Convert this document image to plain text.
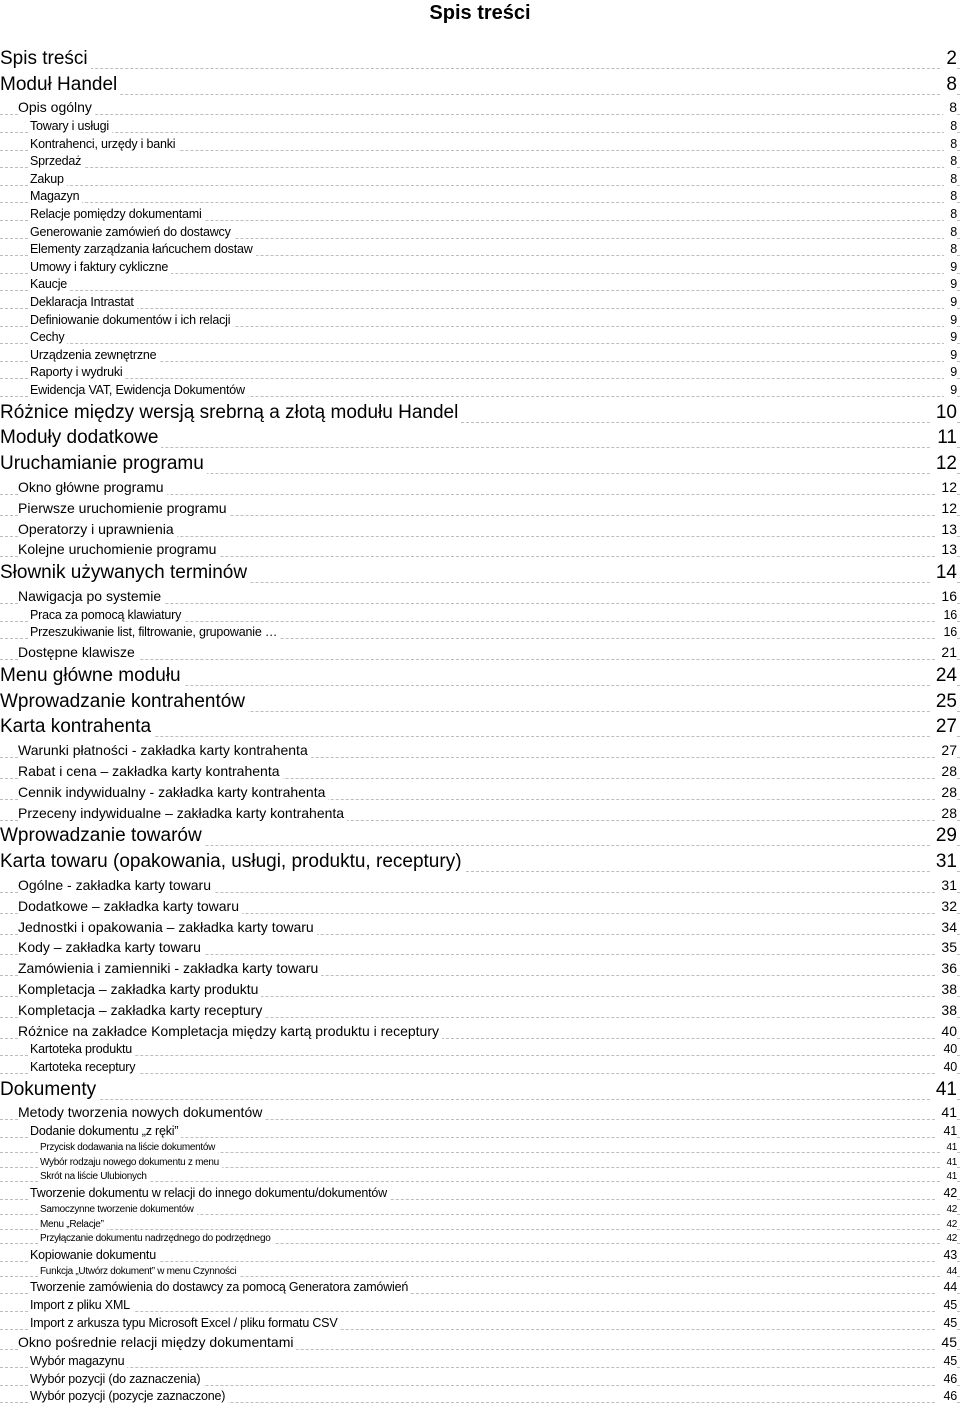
Spis treści
Spis treści	2
Moduł Handel	8
Opis ogólny	8
Towary i usługi	8
Kontrahenci, urzędy i banki	8
Sprzedaż	8
Zakup	8
Magazyn	8
Relacje pomiędzy dokumentami	8
Generowanie zamówień do dostawcy	8
Elementy zarządzania łańcuchem dostaw	8
Umowy i faktury cykliczne	9
Kaucje	9
Deklaracja Intrastat	9
Definiowanie dokumentów i ich relacji	9
Cechy	9
Urządzenia zewnętrzne	9
Raporty i wydruki	9
Ewidencja VAT, Ewidencja Dokumentów	9
Różnice między wersją srebrną a złotą modułu Handel	10
Moduły dodatkowe	11
Uruchamianie programu	12
Okno główne programu	12
Pierwsze uruchomienie programu	12
Operatorzy i uprawnienia	13
Kolejne uruchomienie programu	13
Słownik używanych terminów	14
Nawigacja po systemie	16
Praca za pomocą klawiatury	16
Przeszukiwanie list, filtrowanie, grupowanie …	16
Dostępne klawisze	21
Menu główne modułu	24
Wprowadzanie kontrahentów	25
Karta kontrahenta	27
Warunki płatności - zakładka karty kontrahenta	27
Rabat i cena – zakładka karty kontrahenta	28
Cennik indywidualny - zakładka karty kontrahenta	28
Przeceny indywidualne – zakładka karty kontrahenta	28
Wprowadzanie towarów	29
Karta towaru (opakowania, usługi, produktu, receptury)	31
Ogólne - zakładka karty towaru	31
Dodatkowe – zakładka karty towaru	32
Jednostki i opakowania – zakładka karty towaru	34
Kody – zakładka karty towaru	35
Zamówienia i zamienniki - zakładka karty towaru	36
Kompletacja – zakładka karty produktu	38
Kompletacja – zakładka karty receptury	38
Różnice na zakładce Kompletacja między kartą produktu i receptury	40
Kartoteka produktu	40
Kartoteka receptury	40
Dokumenty	41
Metody tworzenia nowych dokumentów	41
Dodanie dokumentu „z ręki”	41
Przycisk dodawania na liście dokumentów	41
Wybór rodzaju nowego dokumentu z menu	41
Skrót na liście Ulubionych	41
Tworzenie dokumentu w relacji do innego dokumentu/dokumentów	42
Samoczynne tworzenie dokumentów	42
Menu „Relacje”	42
Przyłączanie dokumentu nadrzędnego do podrzędnego	42
Kopiowanie dokumentu	43
Funkcja „Utwórz dokument” w menu Czynności	44
Tworzenie zamówienia do dostawcy za pomocą Generatora zamówień	44
Import z pliku XML	45
Import z arkusza typu Microsoft Excel / pliku formatu CSV	45
Okno pośrednie relacji między dokumentami	45
Wybór magazynu	45
Wybór pozycji (do zaznaczenia)	46
Wybór pozycji (pozycje zaznaczone)	46
